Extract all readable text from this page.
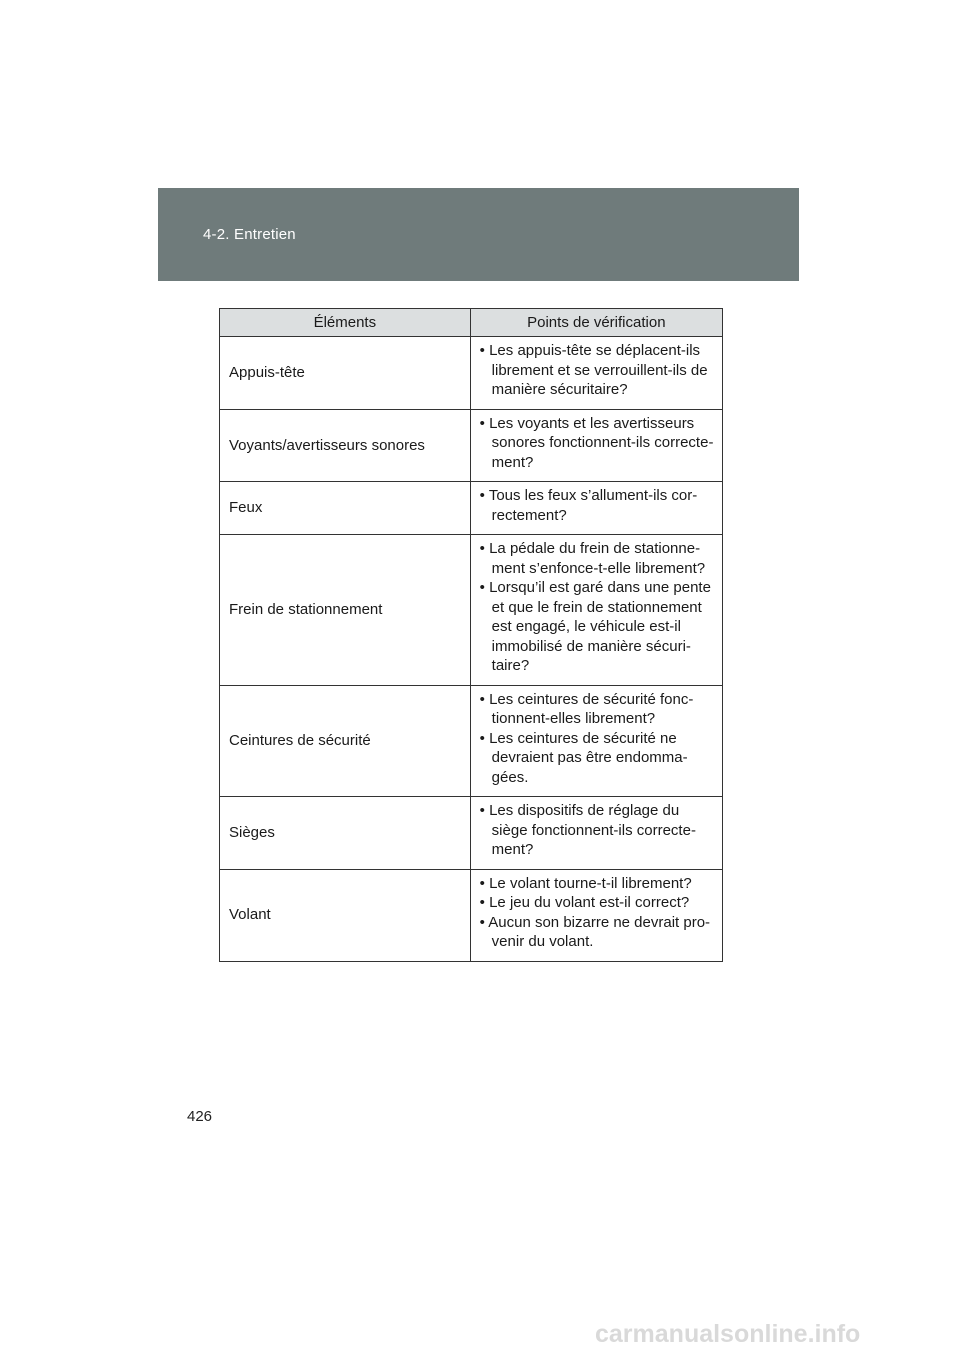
4-2. Entretien
Éléments	Points de vérification
Appuis-tête	• Les appuis-tête se déplacent-ils librement et se verrouillent-ils de manière sécuritaire?

Voyants/avertisseurs sonores	• Les voyants et les avertisseurs sonores fonctionnent-ils correcte-ment?

Feux	• Tous les feux s’allument-ils cor-rectement?

Frein de stationnement	• La pédale du frein de stationne-ment s’enfonce-t-elle librement?
• Lorsqu’il est garé dans une pente et que le frein de stationnement est engagé, le véhicule est-il immobilisé de manière sécuri-taire?

Ceintures de sécurité	• Les ceintures de sécurité fonc-tionnent-elles librement?
• Les ceintures de sécurité ne devraient pas être endomma-gées.

Sièges	• Les dispositifs de réglage du siège fonctionnent-ils correcte-ment?

Volant	• Le volant tourne-t-il librement?
• Le jeu du volant est-il correct?
• Aucun son bizarre ne devrait pro-venir du volant.
426
carmanualsonline.info
